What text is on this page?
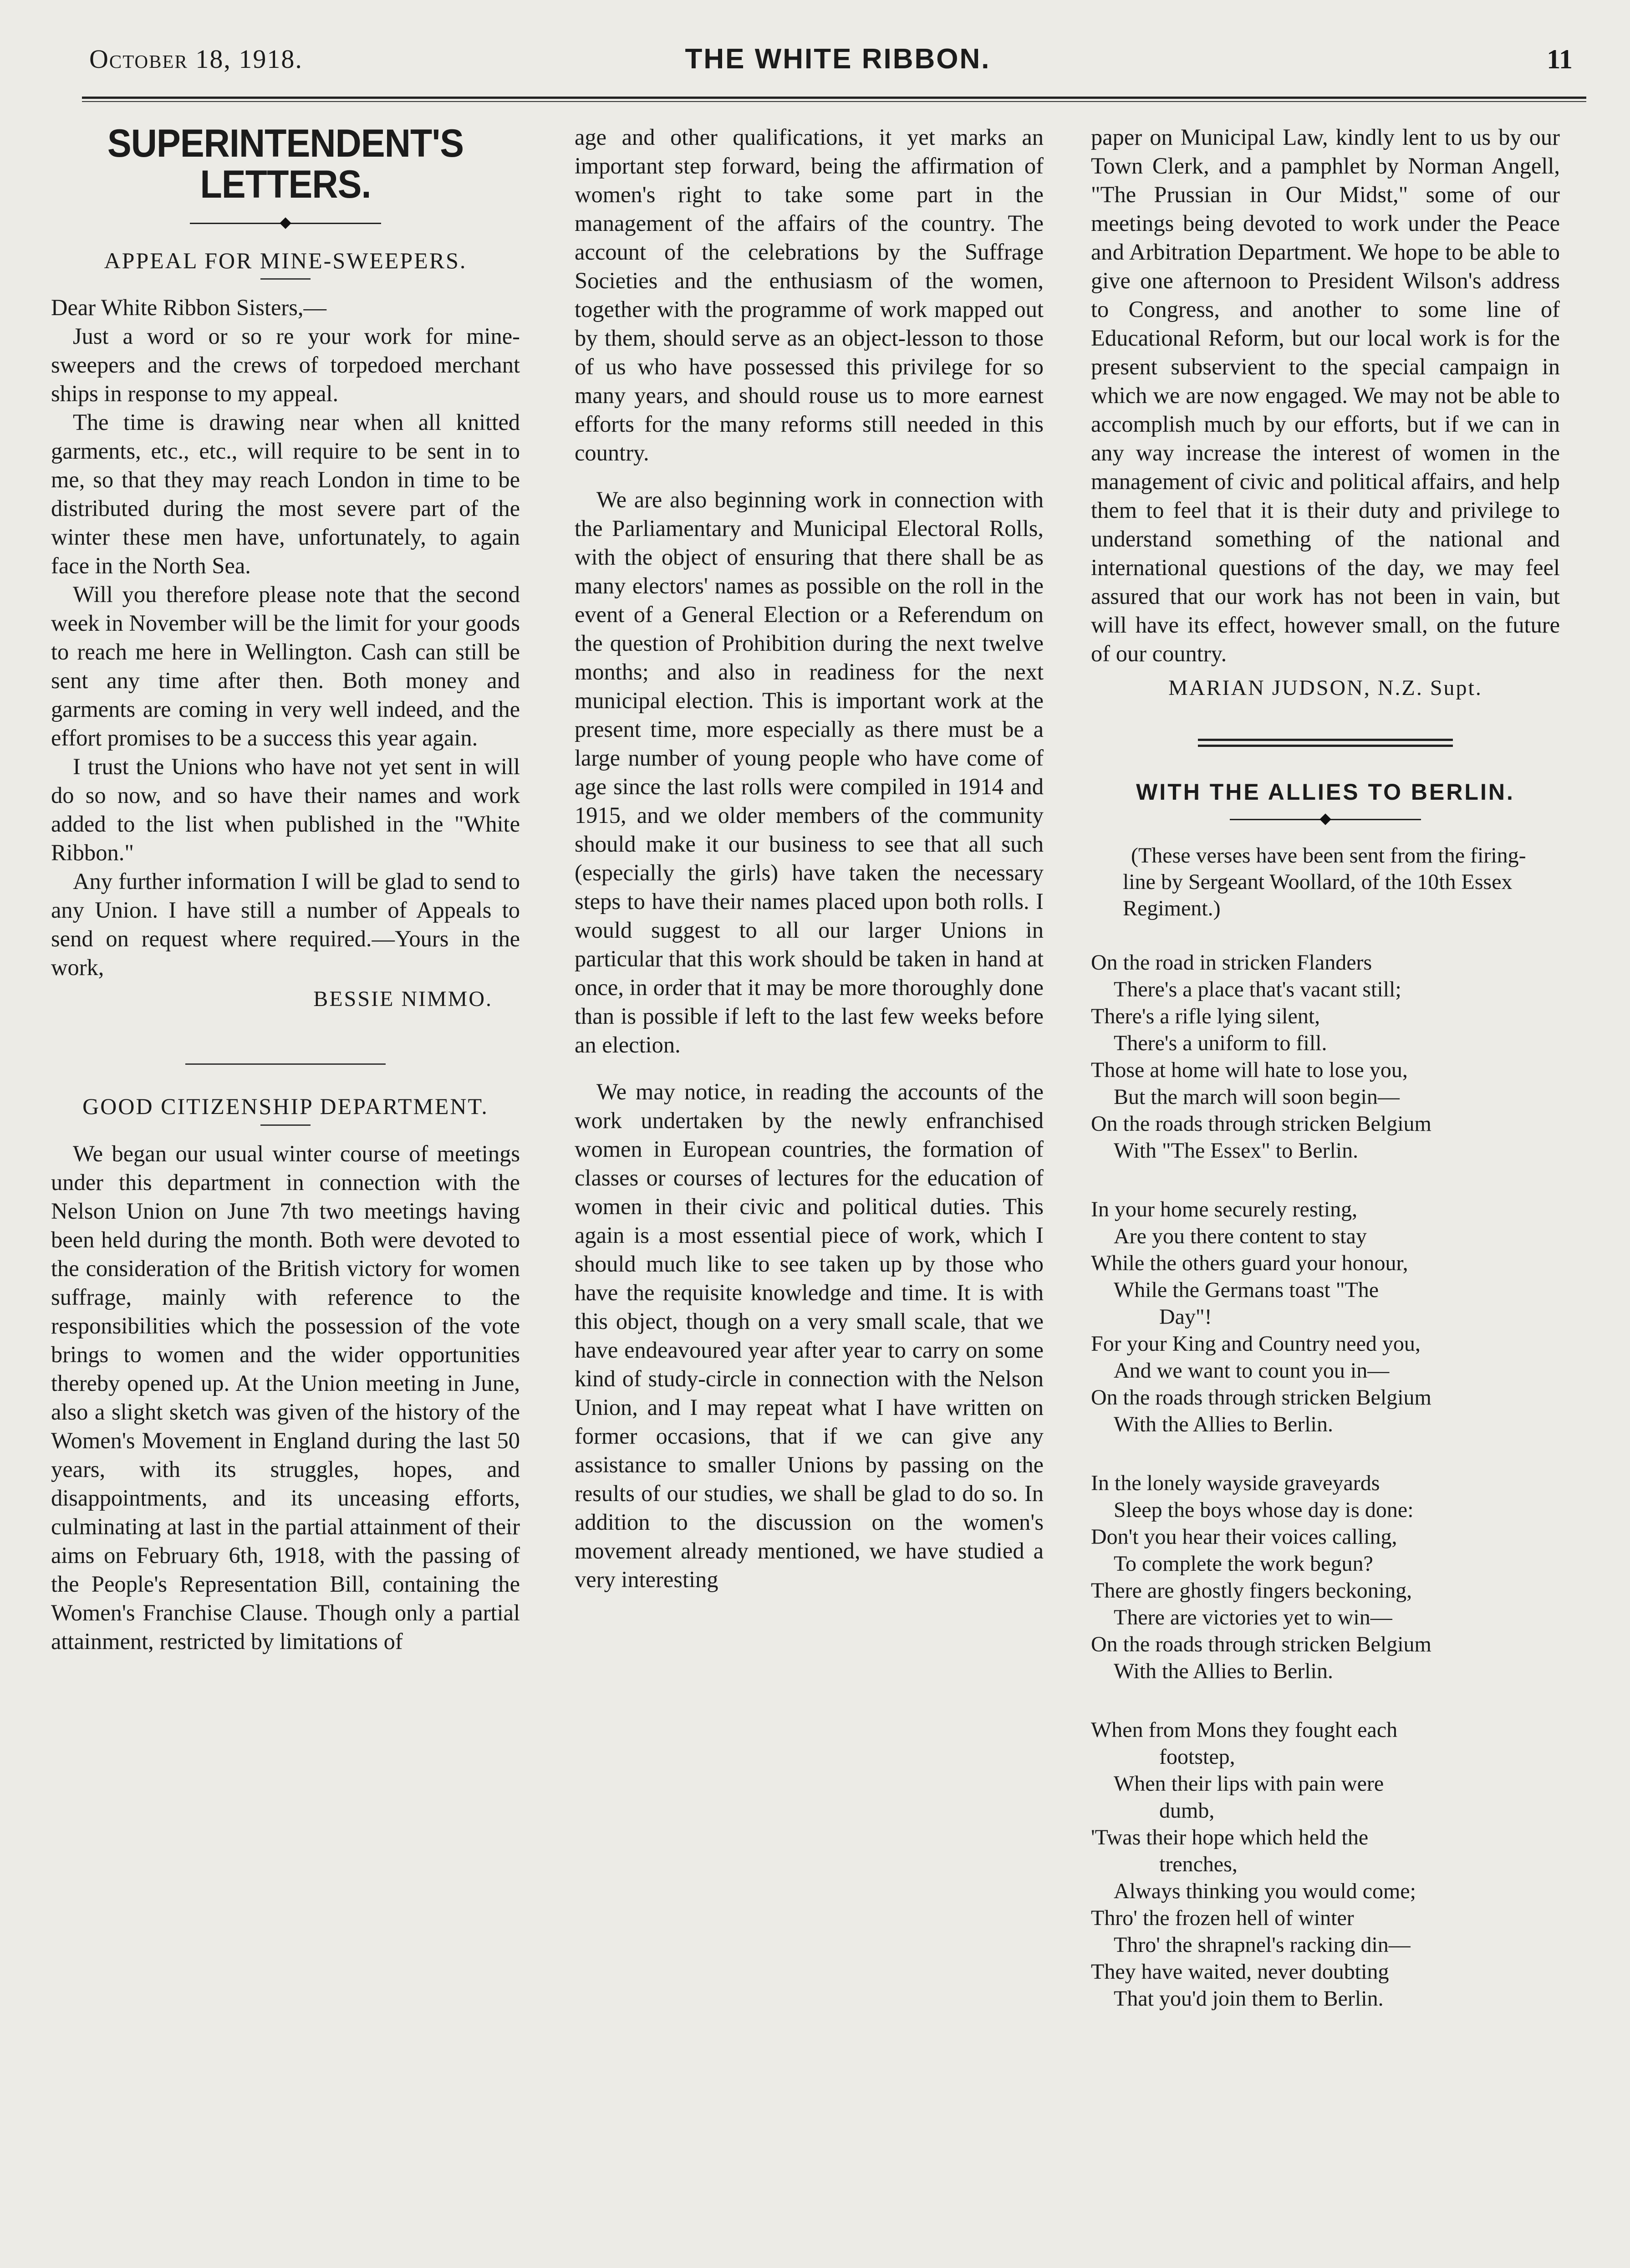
October 18, 1918.	THE WHITE RIBBON.	11
SUPERINTENDENT'S LETTERS.
APPEAL FOR MINE-SWEEPERS.

Dear White Ribbon Sisters,—

Just a word or so re your work for mine-sweepers and the crews of torpedoed merchant ships in response to my appeal.

The time is drawing near when all knitted garments, etc., etc., will require to be sent in to me, so that they may reach London in time to be distributed during the most severe part of the winter these men have, unfortunately, to again face in the North Sea.

Will you therefore please note that the second week in November will be the limit for your goods to reach me here in Wellington. Cash can still be sent any time after then. Both money and garments are coming in very well indeed, and the effort promises to be a success this year again.

I trust the Unions who have not yet sent in will do so now, and so have their names and work added to the list when published in the "White Ribbon."

Any further information I will be glad to send to any Union. I have still a number of Appeals to send on request where required.—Yours in the work,

BESSIE NIMMO.

GOOD CITIZENSHIP DEPARTMENT.

We began our usual winter course of meetings under this department in connection with the Nelson Union on June 7th two meetings having been held during the month. Both were devoted to the consideration of the British victory for women suffrage, mainly with reference to the responsibilities which the possession of the vote brings to women and the wider opportunities thereby opened up. At the Union meeting in June, also a slight sketch was given of the history of the Women's Movement in England during the last 50 years, with its struggles, hopes, and disappointments, and its unceasing efforts, culminating at last in the partial attainment of their aims on February 6th, 1918, with the passing of the People's Representation Bill, containing the Women's Franchise Clause. Though only a partial attainment, restricted by limitations of

age and other qualifications, it yet marks an important step forward, being the affirmation of women's right to take some part in the management of the affairs of the country. The account of the celebrations by the Suffrage Societies and the enthusiasm of the women, together with the programme of work mapped out by them, should serve as an object-lesson to those of us who have possessed this privilege for so many years, and should rouse us to more earnest efforts for the many reforms still needed in this country.

We are also beginning work in connection with the Parliamentary and Municipal Electoral Rolls, with the object of ensuring that there shall be as many electors' names as possible on the roll in the event of a General Election or a Referendum on the question of Prohibition during the next twelve months; and also in readiness for the next municipal election. This is important work at the present time, more especially as there must be a large number of young people who have come of age since the last rolls were compiled in 1914 and 1915, and we older members of the community should make it our business to see that all such (especially the girls) have taken the necessary steps to have their names placed upon both rolls. I would suggest to all our larger Unions in particular that this work should be taken in hand at once, in order that it may be more thoroughly done than is possible if left to the last few weeks before an election.

We may notice, in reading the accounts of the work undertaken by the newly enfranchised women in European countries, the formation of classes or courses of lectures for the education of women in their civic and political duties. This again is a most essential piece of work, which I should much like to see taken up by those who have the requisite knowledge and time. It is with this object, though on a very small scale, that we have endeavoured year after year to carry on some kind of study-circle in connection with the Nelson Union, and I may repeat what I have written on former occasions, that if we can give any assistance to smaller Unions by passing on the results of our studies, we shall be glad to do so. In addition to the discussion on the women's movement already mentioned, we have studied a very interesting

paper on Municipal Law, kindly lent to us by our Town Clerk, and a pamphlet by Norman Angell, "The Prussian in Our Midst," some of our meetings being devoted to work under the Peace and Arbitration Department. We hope to be able to give one afternoon to President Wilson's address to Congress, and another to some line of Educational Reform, but our local work is for the present subservient to the special campaign in which we are now engaged. We may not be able to accomplish much by our efforts, but if we can in any way increase the interest of women in the management of civic and political affairs, and help them to feel that it is their duty and privilege to understand something of the national and international questions of the day, we may feel assured that our work has not been in vain, but will have its effect, however small, on the future of our country.

MARIAN JUDSON, N.Z. Supt.

WITH THE ALLIES TO BERLIN.

(These verses have been sent from the firing-line by Sergeant Woollard, of the 10th Essex Regiment.)

On the road in stricken Flanders
There's a place that's vacant still;
There's a rifle lying silent,
There's a uniform to fill.
Those at home will hate to lose you,
But the march will soon begin—
On the roads through stricken Belgium
With "The Essex" to Berlin.
In your home securely resting,
Are you there content to stay
While the others guard your honour,
While the Germans toast "The
Day"!
For your King and Country need you,
And we want to count you in—
On the roads through stricken Belgium
With the Allies to Berlin.
In the lonely wayside graveyards
Sleep the boys whose day is done:
Don't you hear their voices calling,
To complete the work begun?
There are ghostly fingers beckoning,
There are victories yet to win—
On the roads through stricken Belgium
With the Allies to Berlin.
When from Mons they fought each
footstep,
When their lips with pain were
dumb,
'Twas their hope which held the
trenches,
Always thinking you would come;
Thro' the frozen hell of winter
Thro' the shrapnel's racking din—
They have waited, never doubting
That you'd join them to Berlin.
